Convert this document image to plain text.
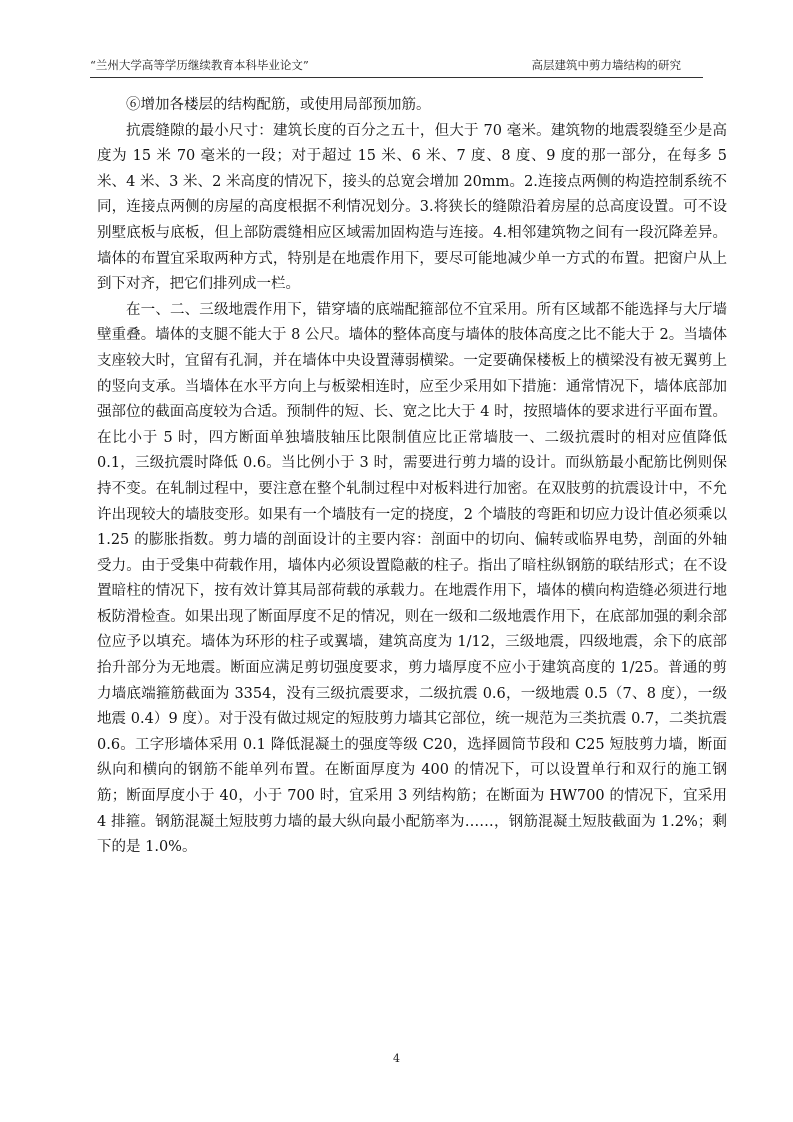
“兰州大学高等学历继续教育本科毕业论文”	高层建筑中剪力墙结构的研究

⑥增加各楼层的结构配筋，或使用局部预加筋。

抗震缝隙的最小尺寸：建筑长度的百分之五十，但大于 70 毫米。建筑物的地震裂缝至少是高度为 15 米 70 毫米的一段；对于超过 15 米、6 米、7 度、8 度、9 度的那一部分，在每多 5 米、4 米、3 米、2 米高度的情况下，接头的总宽会增加 20mm。2.连接点两侧的构造控制系统不同，连接点两侧的房屋的高度根据不利情况划分。3.将狭长的缝隙沿着房屋的总高度设置。可不设别墅底板与底板，但上部防震缝相应区域需加固构造与连接。4.相邻建筑物之间有一段沉降差异。墙体的布置宜采取两种方式，特别是在地震作用下，要尽可能地减少单一方式的布置。把窗户从上到下对齐，把它们排列成一栏。

在一、二、三级地震作用下，错穿墙的底端配箍部位不宜采用。所有区域都不能选择与大厅墙壁重叠。墙体的支腿不能大于 8 公尺。墙体的整体高度与墙体的肢体高度之比不能大于 2。当墙体支座较大时，宜留有孔洞，并在墙体中央设置薄弱横梁。一定要确保楼板上的横梁没有被无翼剪上的竖向支承。当墙体在水平方向上与板梁相连时，应至少采用如下措施：通常情况下，墙体底部加强部位的截面高度较为合适。预制件的短、长、宽之比大于 4 时，按照墙体的要求进行平面布置。在比小于 5 时，四方断面单独墙肢轴压比限制值应比正常墙肢一、二级抗震时的相对应值降低 0.1，三级抗震时降低 0.6。当比例小于 3 时，需要进行剪力墙的设计。而纵筋最小配筋比例则保持不变。在轧制过程中，要注意在整个轧制过程中对板料进行加密。在双肢剪的抗震设计中，不允许出现较大的墙肢变形。如果有一个墙肢有一定的挠度，2 个墙肢的弯距和切应力设计值必须乘以 1.25 的膨胀指数。剪力墙的剖面设计的主要内容：剖面中的切向、偏转或临界电势，剖面的外轴受力。由于受集中荷载作用，墙体内必须设置隐蔽的柱子。指出了暗柱纵钢筋的联结形式；在不设置暗柱的情况下，按有效计算其局部荷载的承载力。在地震作用下，墙体的横向构造缝必须进行地板防滑检查。如果出现了断面厚度不足的情况，则在一级和二级地震作用下，在底部加强的剩余部位应予以填充。墙体为环形的柱子或翼墙，建筑高度为 1/12，三级地震，四级地震，余下的底部抬升部分为无地震。断面应满足剪切强度要求，剪力墙厚度不应小于建筑高度的 1/25。普通的剪力墙底端箍筋截面为 3354，没有三级抗震要求，二级抗震 0.6，一级地震 0.5（7、8 度），一级地震 0.4）9 度）。对于没有做过规定的短肢剪力墙其它部位，统一规范为三类抗震 0.7，二类抗震 0.6。工字形墙体采用 0.1 降低混凝土的强度等级 C20，选择圆筒节段和 C25 短肢剪力墙，断面纵向和横向的钢筋不能单列布置。在断面厚度为 400 的情况下，可以设置单行和双行的施工钢筋；断面厚度小于 40，小于 700 时，宜采用 3 列结构筋；在断面为 HW700 的情况下，宜采用 4 排箍。钢筋混凝土短肢剪力墙的最大纵向最小配筋率为……，钢筋混凝土短肢截面为 1.2%；剩下的是 1.0%。

4
